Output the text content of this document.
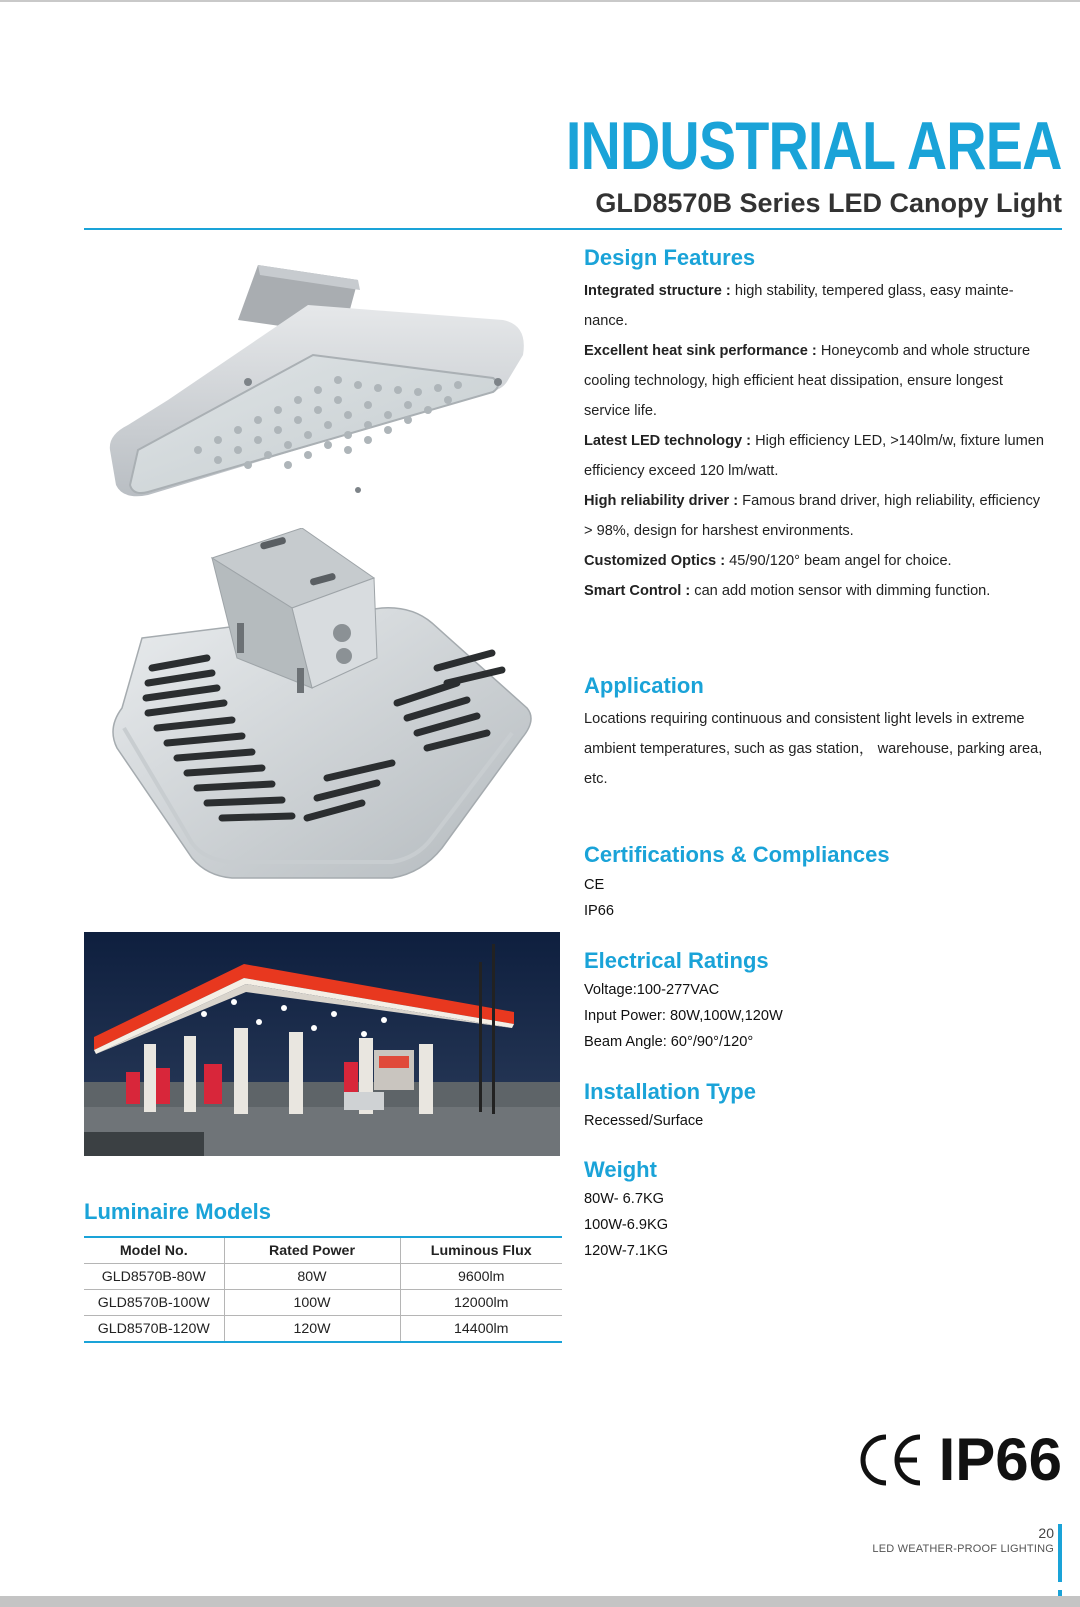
INDUSTRIAL AREA
GLD8570B Series LED Canopy Light
Design Features
Integrated structure : high stability, tempered glass, easy mainte-
nance.
Excellent heat sink performance : Honeycomb and whole structure
cooling technology, high efficient heat dissipation, ensure longest
service life.
Latest LED technology : High efficiency LED, >140lm/w, fixture lumen
efficiency exceed 120 lm/watt.
High reliability driver : Famous brand driver, high reliability, efficiency
> 98%, design for harshest environments.
Customized Optics : 45/90/120° beam angel for choice.
Smart Control : can add motion sensor with dimming function.
Application
Locations requiring continuous and consistent light levels in extreme
ambient temperatures, such as gas station， warehouse, parking area,
etc.
Certifications & Compliances
CE
IP66
Electrical Ratings
Voltage:100-277VAC
Input Power: 80W,100W,120W
Beam Angle: 60°/90°/120°
Installation Type
Recessed/Surface
Weight
80W- 6.7KG
100W-6.9KG
120W-7.1KG
Luminaire Models
Model No.	Rated Power	Luminous Flux
GLD8570B-80W	80W	9600lm
GLD8570B-100W	100W	12000lm
GLD8570B-120W	120W	14400lm
IP66
20
LED WEATHER-PROOF LIGHTING
